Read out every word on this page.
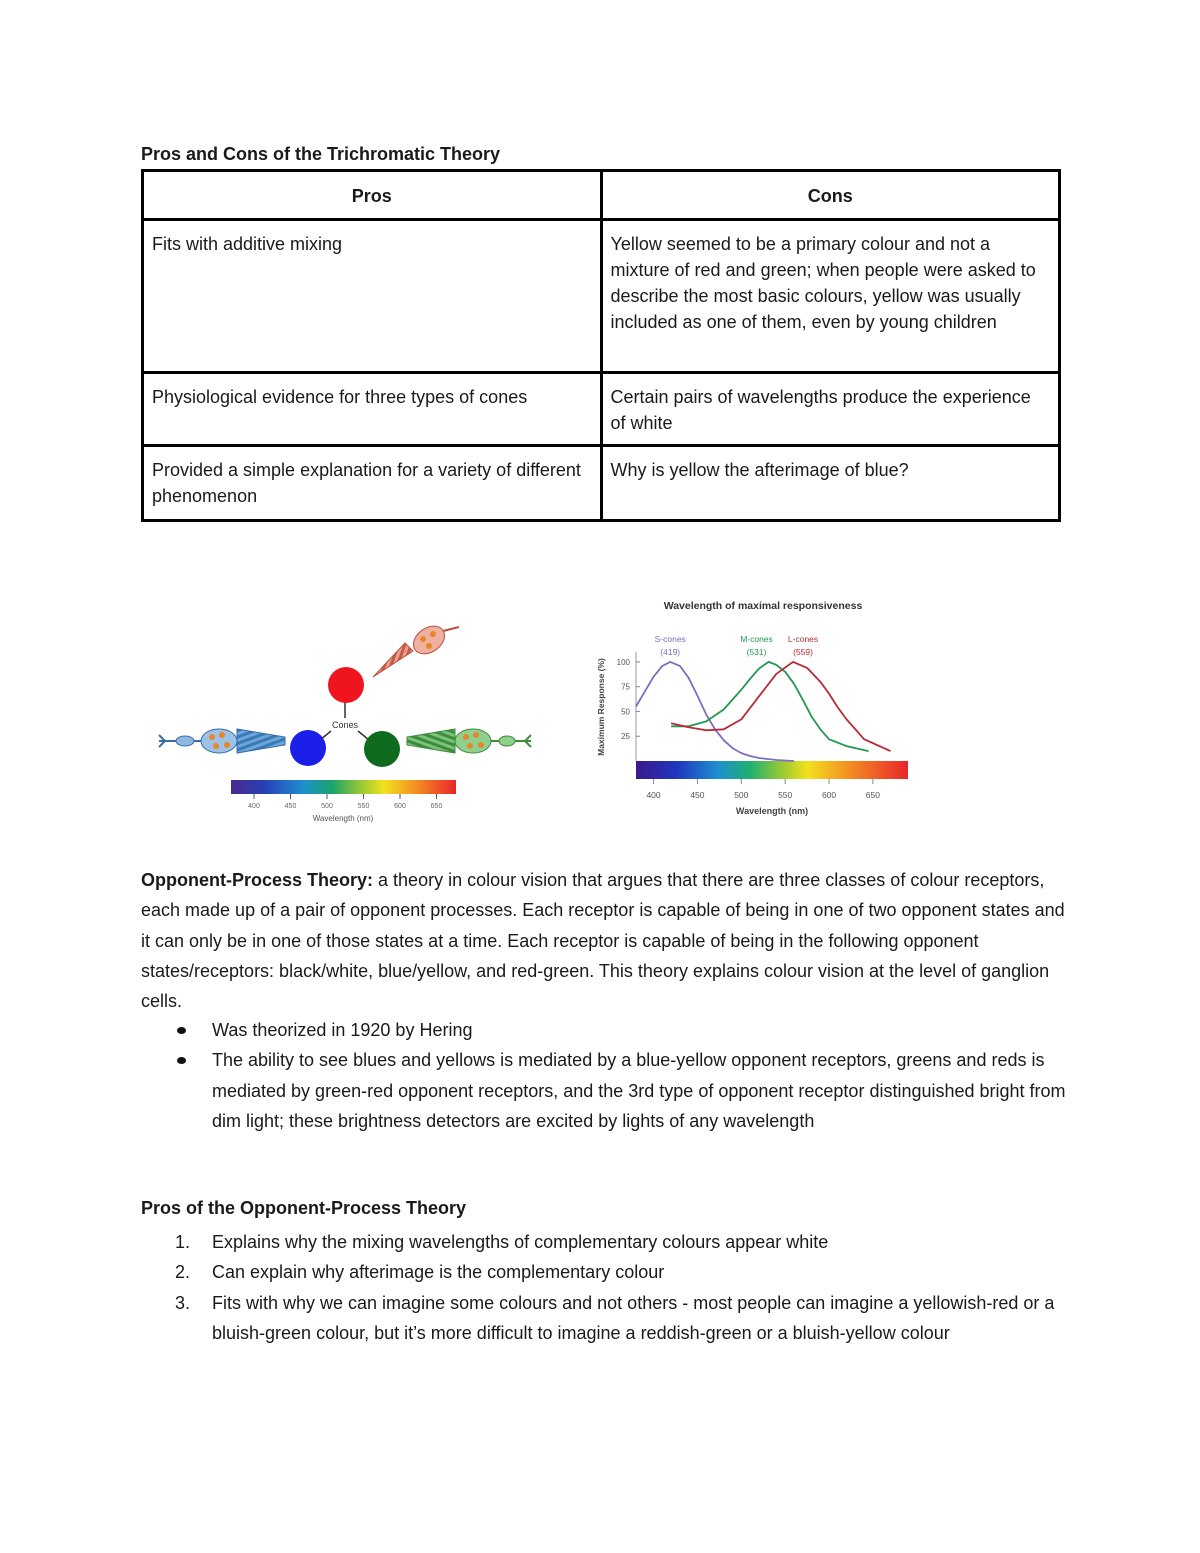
Pros and Cons of the Trichromatic Theory
Pros	Cons
Fits with additive mixing	Yellow seemed to be a primary colour and not a mixture of red and green; when people were asked to describe the most basic colours, yellow was usually included as one of them, even by young children
Physiological evidence for three types of cones	Certain pairs of wavelengths produce the experience of white
Provided a simple explanation for a variety of different phenomenon	Why is yellow the afterimage of blue?
Cones
400	450	500	550	600	650
Wavelength (nm)
Wavelength of maximal responsiveness
Maximum Response (%) 25
50
75
100
400	450	500	550	600	650
S-cones
(419)
M-cones
(531)
L-cones
(559)
Wavelength (nm)
Opponent-Process Theory: a theory in colour vision that argues that there are three classes of colour receptors, each made up of a pair of opponent processes. Each receptor is capable of being in one of two opponent states and it can only be in one of those states at a time. Each receptor is capable of being in the following opponent states/receptors: black/white, blue/yellow, and red-green. This theory explains colour vision at the level of ganglion cells.
Was theorized in 1920 by Hering
The ability to see blues and yellows is mediated by a blue-yellow opponent receptors, greens and reds is mediated by green-red opponent receptors, and the 3rd type of opponent receptor distinguished bright from dim light; these brightness detectors are excited by lights of any wavelength
Pros of the Opponent-Process Theory
1. Explains why the mixing wavelengths of complementary colours appear white
2. Can explain why afterimage is the complementary colour
3. Fits with why we can imagine some colours and not others - most people can imagine a yellowish-red or a bluish-green colour, but it’s more difficult to imagine a reddish-green or a bluish-yellow colour
